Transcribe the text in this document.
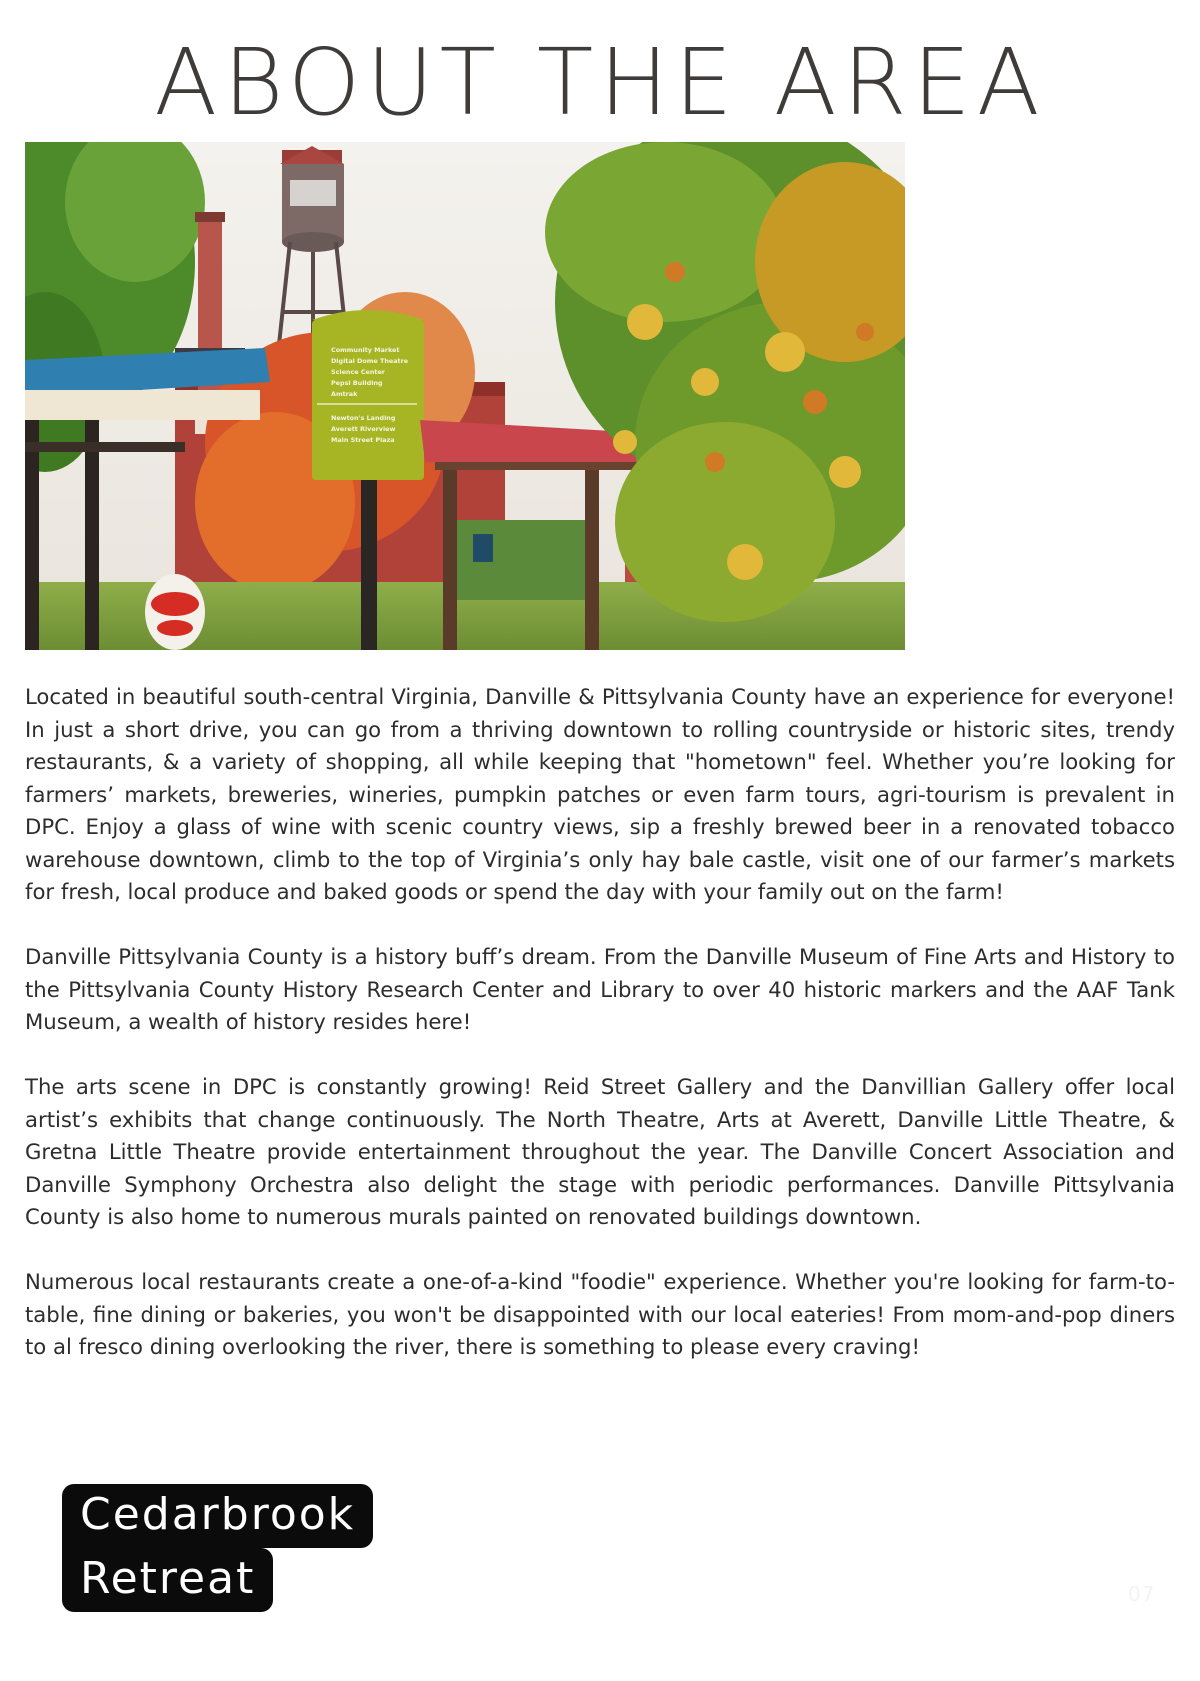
ABOUT THE AREA
Community Market
Digital Dome Theatre
Science Center
Pepsi Building
Amtrak
Newton's Landing
Averett Riverview
Main Street Plaza

Located in beautiful south-central Virginia, Danville & Pittsylvania County have an experience for everyone! In just a short drive, you can go from a thriving downtown to rolling countryside or historic sites, trendy restaurants, & a variety of shopping, all while keeping that "hometown" feel. Whether you’re looking for farmers’ markets, breweries, wineries, pumpkin patches or even farm tours, agri-tourism is prevalent in DPC. Enjoy a glass of wine with scenic country views, sip a freshly brewed beer in a renovated tobacco warehouse downtown, climb to the top of Virginia’s only hay bale castle, visit one of our farmer’s markets for fresh, local produce and baked goods or spend the day with your family out on the farm!

Danville Pittsylvania County is a history buff’s dream. From the Danville Museum of Fine Arts and History to the Pittsylvania County History Research Center and Library to over 40 historic markers and the AAF Tank Museum, a wealth of history resides here!

The arts scene in DPC is constantly growing! Reid Street Gallery and the Danvillian Gallery offer local artist’s exhibits that change continuously. The North Theatre, Arts at Averett, Danville Little Theatre, & Gretna Little Theatre provide entertainment throughout the year. The Danville Concert Association and Danville Symphony Orchestra also delight the stage with periodic performances. Danville Pittsylvania County is also home to numerous murals painted on renovated buildings downtown.

Numerous local restaurants create a one-of-a-kind "foodie" experience. Whether you're looking for farm-to-table, fine dining or bakeries, you won't be disappointed with our local eateries! From mom-and-pop diners to al fresco dining overlooking the river, there is something to please every craving!

Cedarbrook
Retreat	07
